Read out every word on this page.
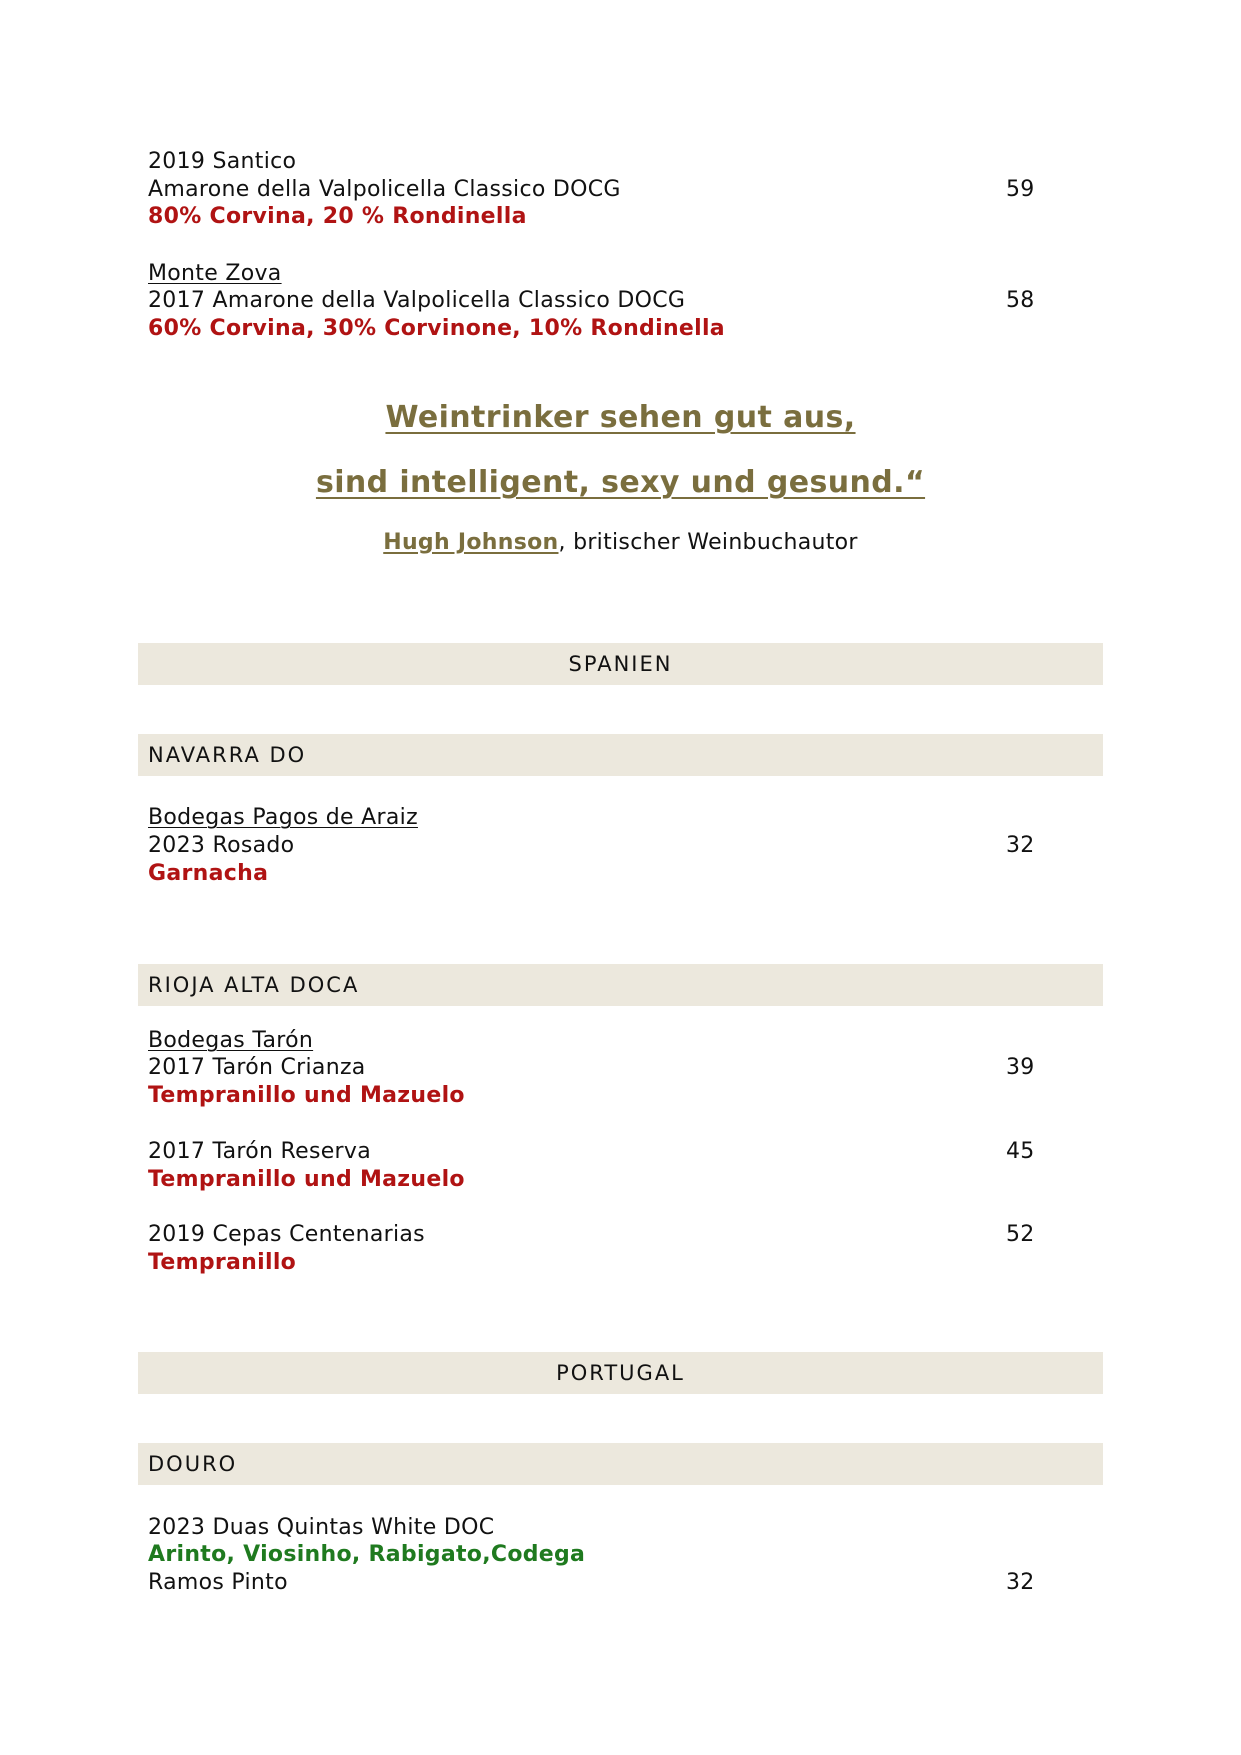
2019 Santico
Amarone della Valpolicella Classico DOCG	59
80% Corvina, 20 % Rondinella
Monte Zova
2017 Amarone della Valpolicella Classico DOCG	58
60% Corvina, 30% Corvinone, 10% Rondinella
Weintrinker sehen gut aus,
sind intelligent, sexy und gesund.“
Hugh Johnson, britischer Weinbuchautor
SPANIEN
NAVARRA DO
Bodegas Pagos de Araiz
2023 Rosado	32
Garnacha
RIOJA ALTA DOCA
Bodegas Tarón
2017 Tarón Crianza	39
Tempranillo und Mazuelo
2017 Tarón Reserva	45
Tempranillo und Mazuelo
2019 Cepas Centenarias	52
Tempranillo
PORTUGAL
DOURO
2023 Duas Quintas White DOC
Arinto, Viosinho, Rabigato,Codega
Ramos Pinto	32
